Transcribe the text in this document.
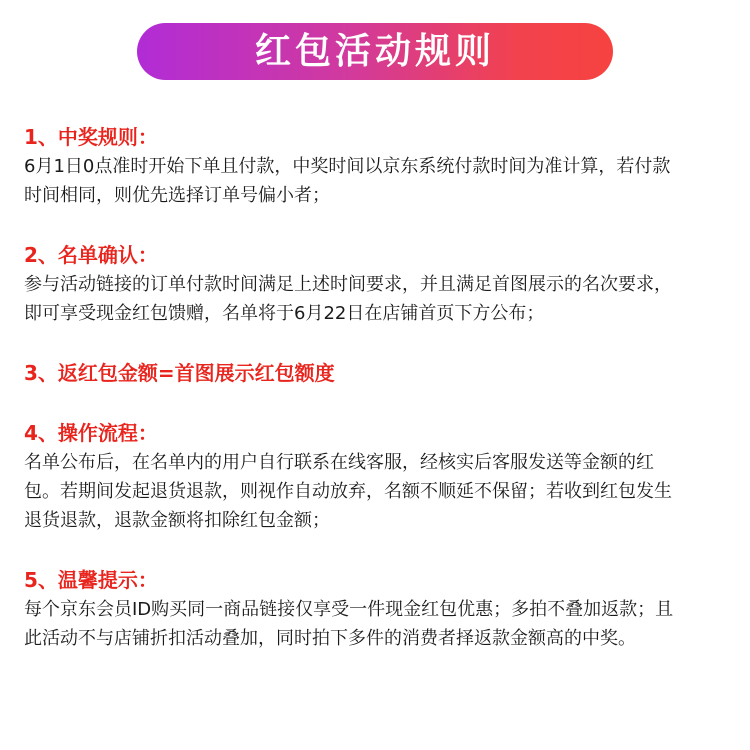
红包活动规则
1、中奖规则：
6月1日0点准时开始下单且付款，中奖时间以京东系统付款时间为准计算，若付款
时间相同，则优先选择订单号偏小者；
2、名单确认：
参与活动链接的订单付款时间满足上述时间要求，并且满足首图展示的名次要求，
即可享受现金红包馈赠，名单将于6月22日在店铺首页下方公布；
3、返红包金额=首图展示红包额度
4、操作流程：
名单公布后，在名单内的用户自行联系在线客服，经核实后客服发送等金额的红
包。若期间发起退货退款，则视作自动放弃，名额不顺延不保留；若收到红包发生
退货退款，退款金额将扣除红包金额；
5、温馨提示：
每个京东会员ID购买同一商品链接仅享受一件现金红包优惠；多拍不叠加返款；且
此活动不与店铺折扣活动叠加，同时拍下多件的消费者择返款金额高的中奖。
